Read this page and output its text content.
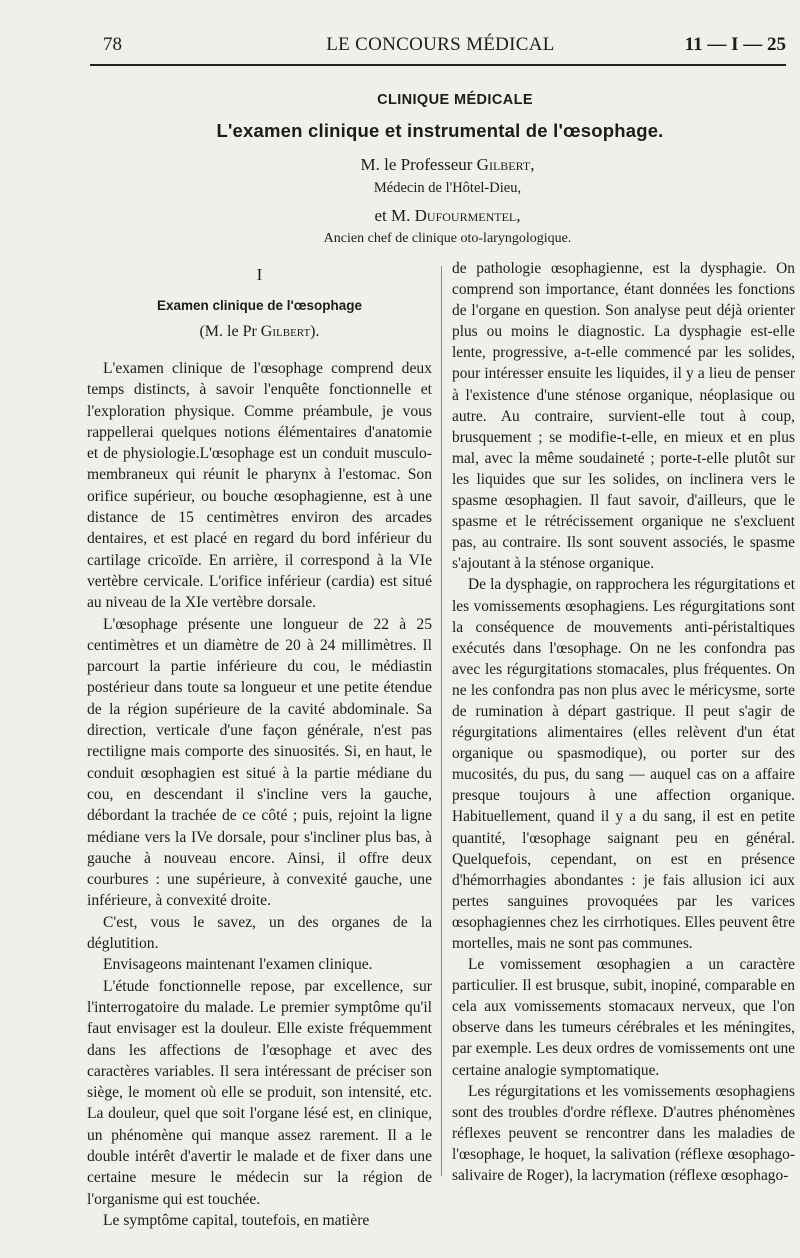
78	LE CONCOURS MÉDICAL	11 — I — 25
CLINIQUE MÉDICALE
L'examen clinique et instrumental de l'œsophage.
M. le Professeur Gilbert,
Médecin de l'Hôtel-Dieu,
et M. Dufourmentel,
Ancien chef de clinique oto-laryngologique.
I
Examen clinique de l'œsophage
(M. le Pr Gilbert).

L'examen clinique de l'œsophage comprend deux temps distincts, à savoir l'enquête fonctionnelle et l'exploration physique. Comme préambule, je vous rappellerai quelques notions élémentaires d'anatomie et de physiologie.L'œsophage est un conduit musculo-membraneux qui réunit le pharynx à l'estomac. Son orifice supérieur, ou bouche œsophagienne, est à une distance de 15 centimètres environ des arcades dentaires, et est placé en regard du bord inférieur du cartilage cricoïde. En arrière, il correspond à la VIe vertèbre cervicale. L'orifice inférieur (cardia) est situé au niveau de la XIe vertèbre dorsale.

L'œsophage présente une longueur de 22 à 25 centimètres et un diamètre de 20 à 24 millimètres. Il parcourt la partie inférieure du cou, le médiastin postérieur dans toute sa longueur et une petite étendue de la région supérieure de la cavité abdominale. Sa direction, verticale d'une façon générale, n'est pas rectiligne mais comporte des sinuosités. Si, en haut, le conduit œsophagien est situé à la partie médiane du cou, en descendant il s'incline vers la gauche, débordant la trachée de ce côté ; puis, rejoint la ligne médiane vers la IVe dorsale, pour s'incliner plus bas, à gauche à nouveau encore. Ainsi, il offre deux courbures : une supérieure, à convexité gauche, une inférieure, à convexité droite.

C'est, vous le savez, un des organes de la déglutition.

Envisageons maintenant l'examen clinique.

L'étude fonctionnelle repose, par excellence, sur l'interrogatoire du malade. Le premier symptôme qu'il faut envisager est la douleur. Elle existe fréquemment dans les affections de l'œsophage et avec des caractères variables. Il sera intéressant de préciser son siège, le moment où elle se produit, son intensité, etc. La douleur, quel que soit l'organe lésé est, en clinique, un phénomène qui manque assez rarement. Il a le double intérêt d'avertir le malade et de fixer dans une certaine mesure le médecin sur la région de l'organisme qui est touchée.

Le symptôme capital, toutefois, en matière

de pathologie œsophagienne, est la dysphagie. On comprend son importance, étant données les fonctions de l'organe en question. Son analyse peut déjà orienter plus ou moins le diagnostic. La dysphagie est-elle lente, progressive, a-t-elle commencé par les solides, pour intéresser ensuite les liquides, il y a lieu de penser à l'existence d'une sténose organique, néoplasique ou autre. Au contraire, survient-elle tout à coup, brusquement ; se modifie-t-elle, en mieux et en plus mal, avec la même soudaineté ; porte-t-elle plutôt sur les liquides que sur les solides, on inclinera vers le spasme œsophagien. Il faut savoir, d'ailleurs, que le spasme et le rétrécissement organique ne s'excluent pas, au contraire. Ils sont souvent associés, le spasme s'ajoutant à la sténose organique.

De la dysphagie, on rapprochera les régurgitations et les vomissements œsophagiens. Les régurgitations sont la conséquence de mouvements anti-péristaltiques exécutés dans l'œsophage. On ne les confondra pas avec les régurgitations stomacales, plus fréquentes. On ne les confondra pas non plus avec le méricysme, sorte de rumination à départ gastrique. Il peut s'agir de régurgitations alimentaires (elles relèvent d'un état organique ou spasmodique), ou porter sur des mucosités, du pus, du sang — auquel cas on a affaire presque toujours à une affection organique. Habituellement, quand il y a du sang, il est en petite quantité, l'œsophage saignant peu en général. Quelquefois, cependant, on est en présence d'hémorrhagies abondantes : je fais allusion ici aux pertes sanguines provoquées par les varices œsophagiennes chez les cirrhotiques. Elles peuvent être mortelles, mais ne sont pas communes.

Le vomissement œsophagien a un caractère particulier. Il est brusque, subit, inopiné, comparable en cela aux vomissements stomacaux nerveux, que l'on observe dans les tumeurs cérébrales et les méningites, par exemple. Les deux ordres de vomissements ont une certaine analogie symptomatique.

Les régurgitations et les vomissements œsophagiens sont des troubles d'ordre réflexe. D'autres phénomènes réflexes peuvent se rencontrer dans les maladies de l'œsophage, le hoquet, la salivation (réflexe œsophago-salivaire de Roger), la lacrymation (réflexe œsophago-
